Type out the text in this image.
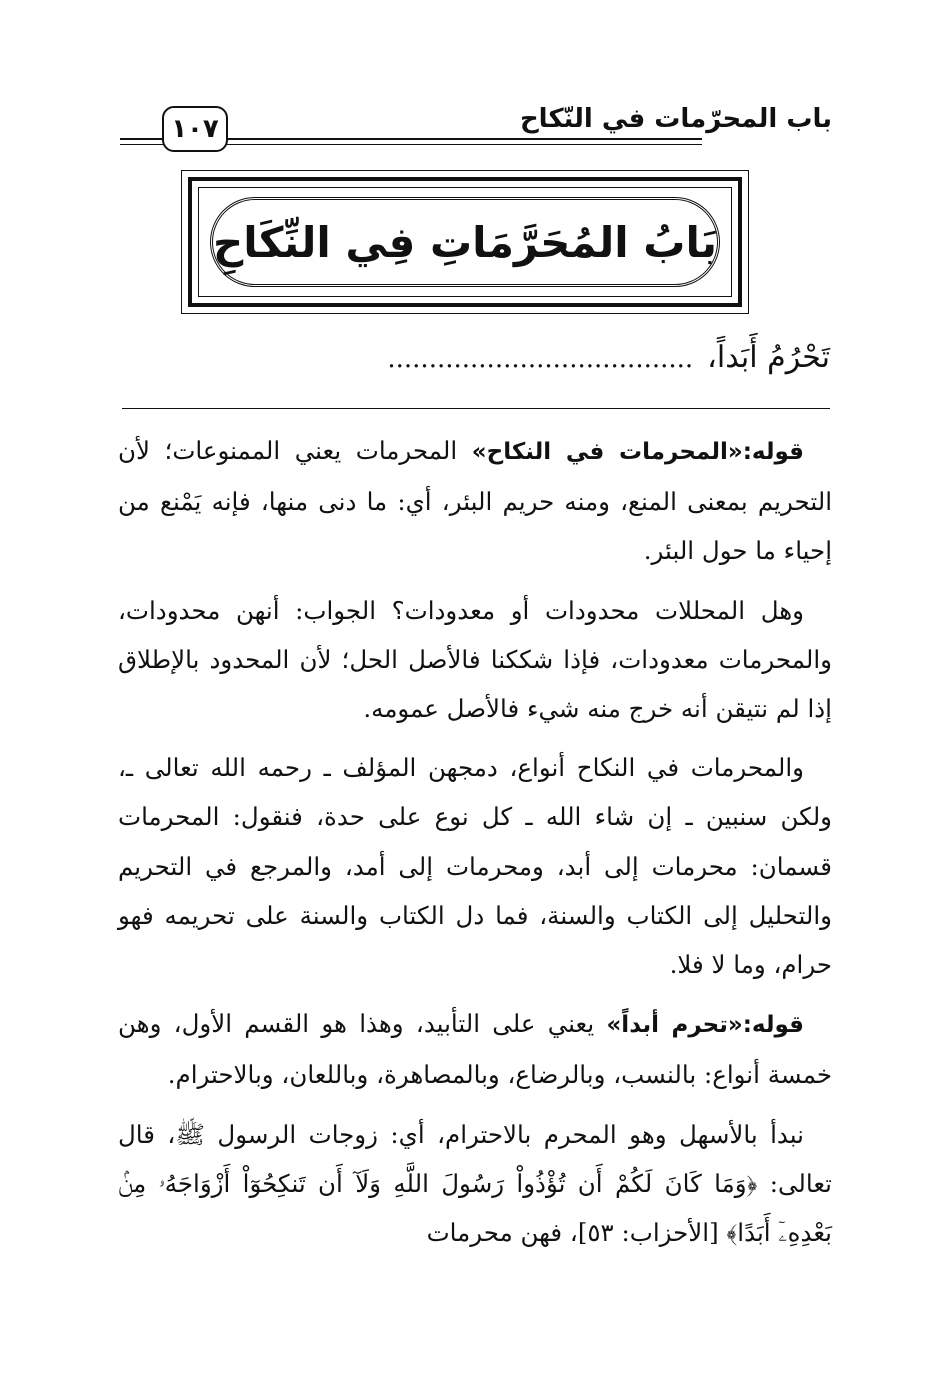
١٠٧	باب المحرّمات في النّكاح
بَابُ المُحَرَّمَاتِ فِي النِّكَاحِ
تَحْرُمُ أَبَداً،.....................................

قوله:«المحرمات في النكاح» المحرمات يعني الممنوعات؛ لأن التحريم بمعنى المنع، ومنه حريم البئر، أي: ما دنى منها، فإنه يَمْنع من إحياء ما حول البئر.

وهل المحللات محدودات أو معدودات؟ الجواب: أنهن محدودات، والمحرمات معدودات، فإذا شككنا فالأصل الحل؛ لأن المحدود بالإطلاق إذا لم نتيقن أنه خرج منه شيء فالأصل عمومه.

والمحرمات في النكاح أنواع، دمجهن المؤلف ـ رحمه الله تعالى ـ، ولكن سنبين ـ إن شاء الله ـ كل نوع على حدة، فنقول: المحرمات قسمان: محرمات إلى أبد، ومحرمات إلى أمد، والمرجع في التحريم والتحليل إلى الكتاب والسنة، فما دل الكتاب والسنة على تحريمه فهو حرام، وما لا فلا.

قوله:«تحرم أبداً» يعني على التأبيد، وهذا هو القسم الأول، وهن خمسة أنواع: بالنسب، وبالرضاع، وبالمصاهرة، وباللعان، وبالاحترام.

نبدأ بالأسهل وهو المحرم بالاحترام، أي: زوجات الرسول ﷺ، قال تعالى: ﴿وَمَا كَانَ لَكُمْ أَن تُؤْذُواْ رَسُولَ اللَّهِ وَلَآ أَن تَنكِحُوٓاْ أَزْوَاجَهُۥ مِنۢ بَعْدِهِۦٓ أَبَدًا﴾ [الأحزاب: ٥٣]، فهن محرمات
